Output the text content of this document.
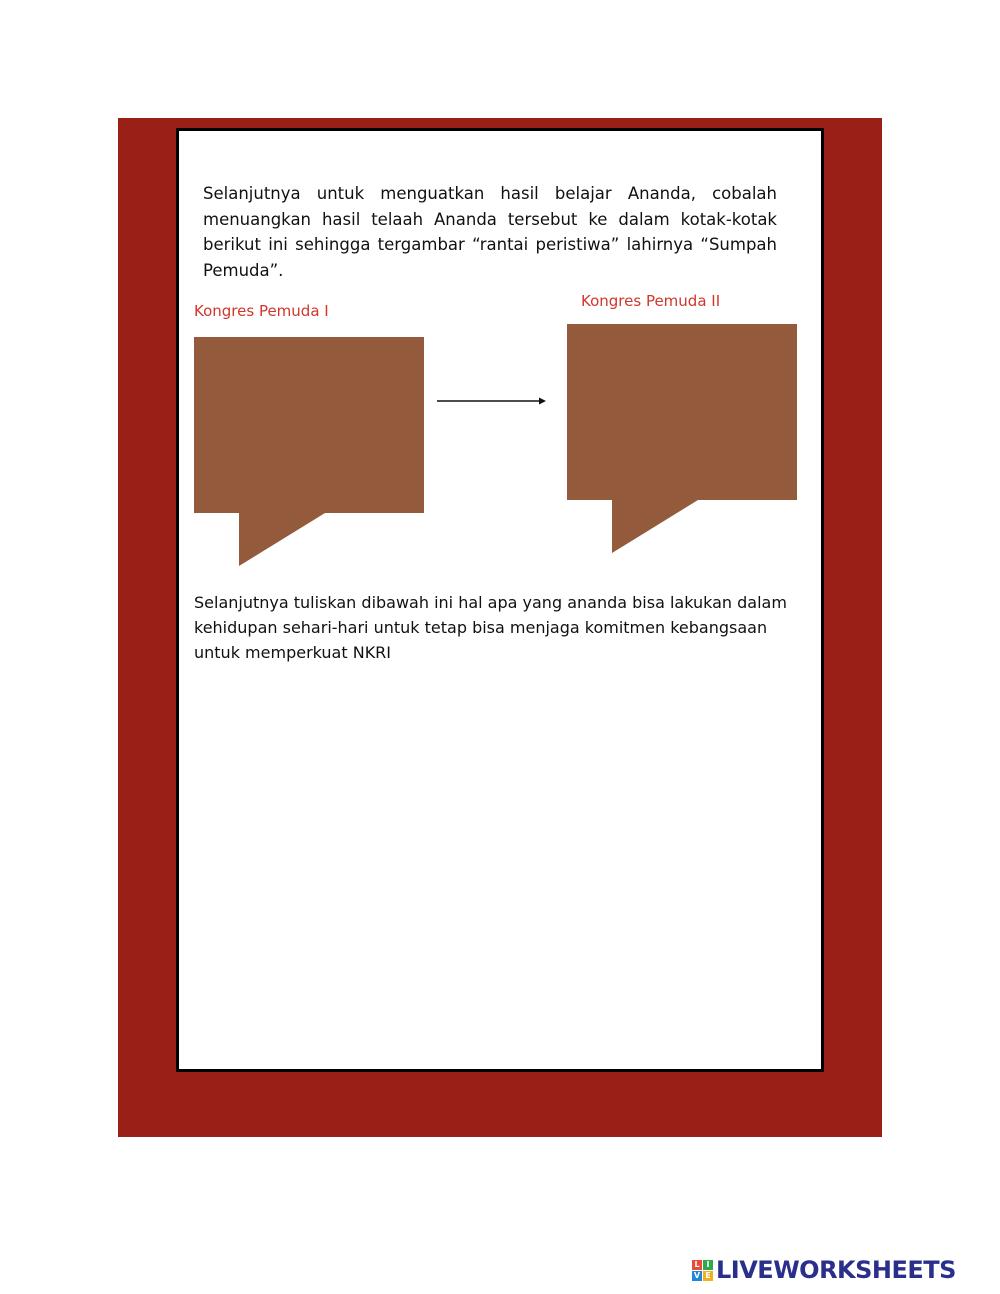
Selanjutnya untuk menguatkan hasil belajar Ananda, cobalah menuangkan hasil telaah Ananda tersebut ke dalam kotak-kotak berikut ini sehingga tergambar “rantai peristiwa” lahirnya “Sumpah Pemuda”.

Kongres Pemuda I

Kongres Pemuda II

Selanjutnya tuliskan dibawah ini hal apa yang ananda bisa lakukan dalam kehidupan sehari-hari untuk tetap bisa menjaga komitmen kebangsaan untuk memperkuat NKRI

L I
V E LIVEWORKSHEETS
